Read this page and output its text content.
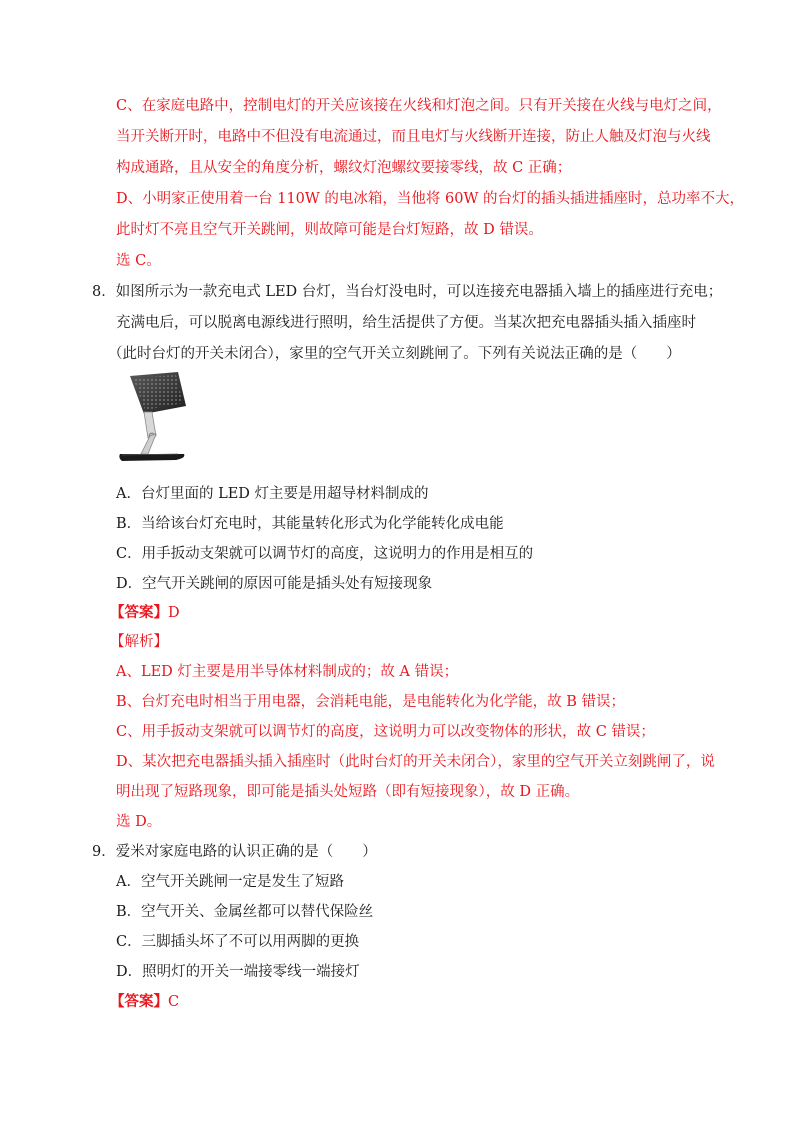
C、在家庭电路中，控制电灯的开关应该接在火线和灯泡之间。只有开关接在火线与电灯之间，
当开关断开时，电路中不但没有电流通过，而且电灯与火线断开连接，防止人触及灯泡与火线
构成通路，且从安全的角度分析，螺纹灯泡螺纹要接零线，故 C 正确；
D、小明家正使用着一台 110W 的电冰箱，当他将 60W 的台灯的插头插进插座时，总功率不大，
此时灯不亮且空气开关跳闸，则故障可能是台灯短路，故 D 错误。
选 C。
8．如图所示为一款充电式 LED 台灯，当台灯没电时，可以连接充电器插入墙上的插座进行充电；
充满电后，可以脱离电源线进行照明，给生活提供了方便。当某次把充电器插头插入插座时
（此时台灯的开关未闭合），家里的空气开关立刻跳闸了。下列有关说法正确的是（　　）
A．台灯里面的 LED 灯主要是用超导材料制成的
B．当给该台灯充电时，其能量转化形式为化学能转化成电能
C．用手扳动支架就可以调节灯的高度，这说明力的作用是相互的
D．空气开关跳闸的原因可能是插头处有短接现象
【答案】D
【解析】
A、LED 灯主要是用半导体材料制成的；故 A 错误；
B、台灯充电时相当于用电器，会消耗电能，是电能转化为化学能，故 B 错误；
C、用手扳动支架就可以调节灯的高度，这说明力可以改变物体的形状，故 C 错误；
D、某次把充电器插头插入插座时（此时台灯的开关未闭合），家里的空气开关立刻跳闸了，说
明出现了短路现象，即可能是插头处短路（即有短接现象），故 D 正确。
选 D。
9．爱米对家庭电路的认识正确的是（　　）
A．空气开关跳闸一定是发生了短路
B．空气开关、金属丝都可以替代保险丝
C．三脚插头坏了不可以用两脚的更换
D．照明灯的开关一端接零线一端接灯
【答案】C
